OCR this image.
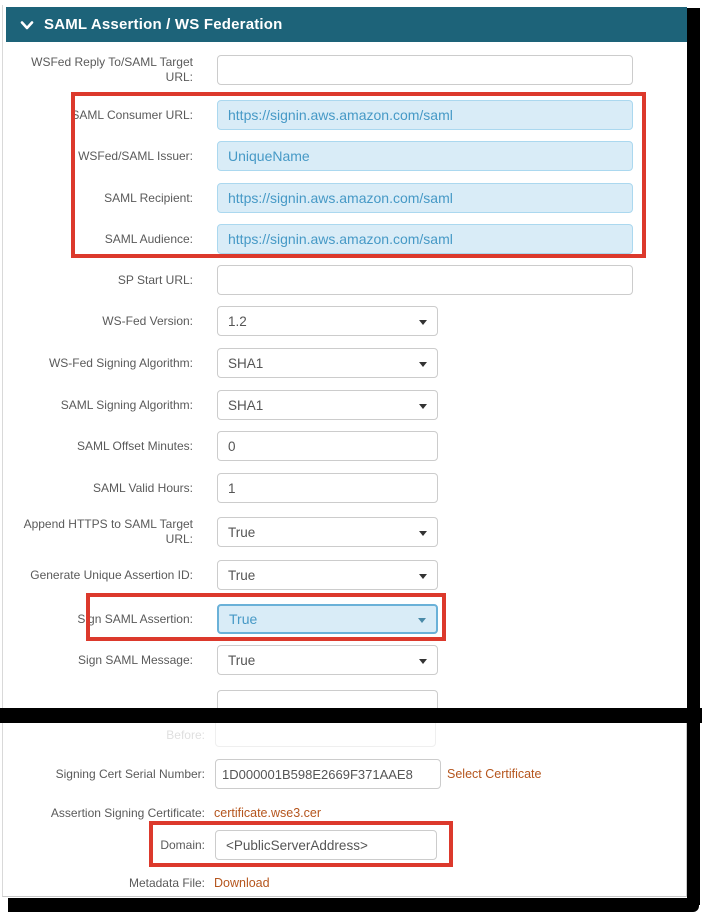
SAML Assertion / WS Federation
WSFed Reply To/SAML Target URL:
SAML Consumer URL:
https://signin.aws.amazon.com/saml
WSFed/SAML Issuer:
UniqueName
SAML Recipient:
https://signin.aws.amazon.com/saml
SAML Audience:
https://signin.aws.amazon.com/saml
SP Start URL:
WS-Fed Version:	1.2
WS-Fed Signing Algorithm:	SHA1
SAML Signing Algorithm:	SHA1
SAML Offset Minutes:
0
SAML Valid Hours:
1
Append HTTPS to SAML Target URL:	True
Generate Unique Assertion ID:	True
Sign SAML Assertion:	True
Sign SAML Message:	True
Before:
Signing Cert Serial Number:
1D000001B598E2669F371AAE8	Select Certificate
Assertion Signing Certificate: certificate.wse3.cer
Domain:
<PublicServerAddress>
Metadata File: Download
